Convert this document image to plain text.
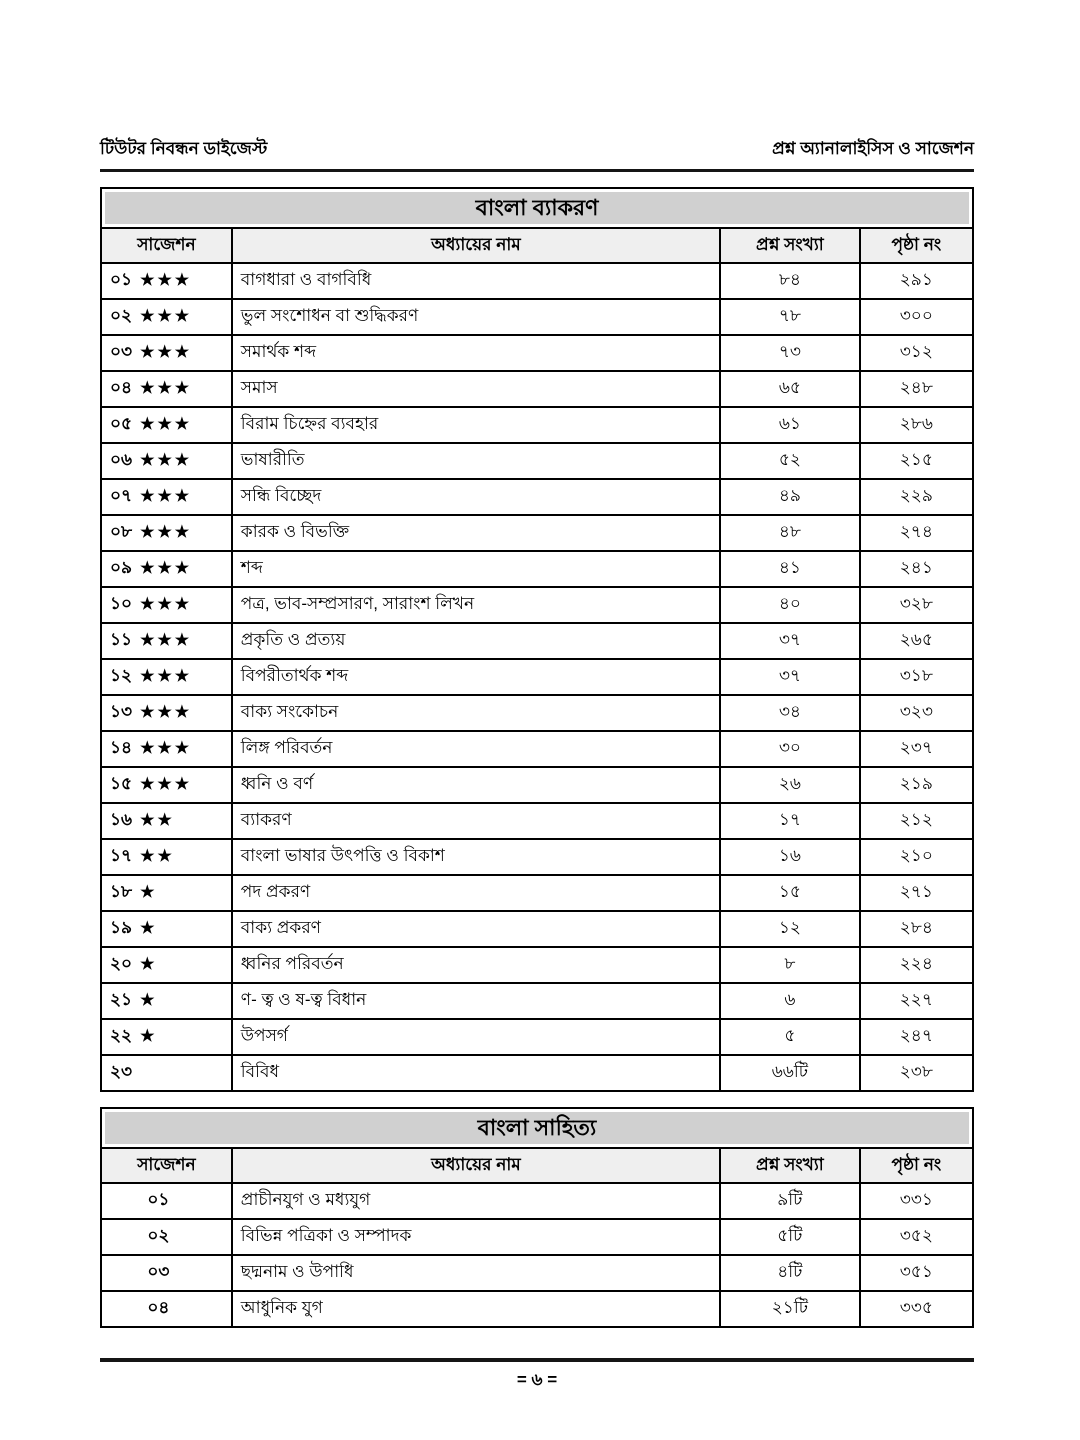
টিউটর নিবন্ধন ডাইজেস্ট	প্রশ্ন অ্যানালাইসিস ও সাজেশন
বাংলা ব্যাকরণ			

সাজেশন	অধ্যায়ের নাম	প্রশ্ন সংখ্যা	পৃষ্ঠা নং
০১ ★★★	বাগধারা ও বাগবিধি	৮৪	২৯১
০২ ★★★	ভুল সংশোধন বা শুদ্ধিকরণ	৭৮	৩০০
০৩ ★★★	সমার্থক শব্দ	৭৩	৩১২
০৪ ★★★	সমাস	৬৫	২৪৮
০৫ ★★★	বিরাম চিহ্নের ব্যবহার	৬১	২৮৬
০৬ ★★★	ভাষারীতি	৫২	২১৫
০৭ ★★★	সন্ধি বিচ্ছেদ	৪৯	২২৯
০৮ ★★★	কারক ও বিভক্তি	৪৮	২৭৪
০৯ ★★★	শব্দ	৪১	২৪১
১০ ★★★	পত্র, ভাব-সম্প্রসারণ, সারাংশ লিখন	৪০	৩২৮
১১ ★★★	প্রকৃতি ও প্রত্যয়	৩৭	২৬৫
১২ ★★★	বিপরীতার্থক শব্দ	৩৭	৩১৮
১৩ ★★★	বাক্য সংকোচন	৩৪	৩২৩
১৪ ★★★	লিঙ্গ পরিবর্তন	৩০	২৩৭
১৫ ★★★	ধ্বনি ও বর্ণ	২৬	২১৯
১৬ ★★	ব্যাকরণ	১৭	২১২
১৭ ★★	বাংলা ভাষার উৎপত্তি ও বিকাশ	১৬	২১০
১৮ ★	পদ প্রকরণ	১৫	২৭১
১৯ ★	বাক্য প্রকরণ	১২	২৮৪
২০ ★	ধ্বনির পরিবর্তন	৮	২২৪
২১ ★	ণ- ত্ব ও ষ-ত্ব বিধান	৬	২২৭
২২ ★	উপসর্গ	৫	২৪৭
২৩	বিবিধ	৬৬টি	২৩৮
বাংলা সাহিত্য			

সাজেশন	অধ্যায়ের নাম	প্রশ্ন সংখ্যা	পৃষ্ঠা নং
০১	প্রাচীনযুগ ও মধ্যযুগ	৯টি	৩৩১
০২	বিভিন্ন পত্রিকা ও সম্পাদক	৫টি	৩৫২
০৩	ছদ্মনাম ও উপাধি	৪টি	৩৫১
০৪	আধুনিক যুগ	২১টি	৩৩৫
= ৬ =
